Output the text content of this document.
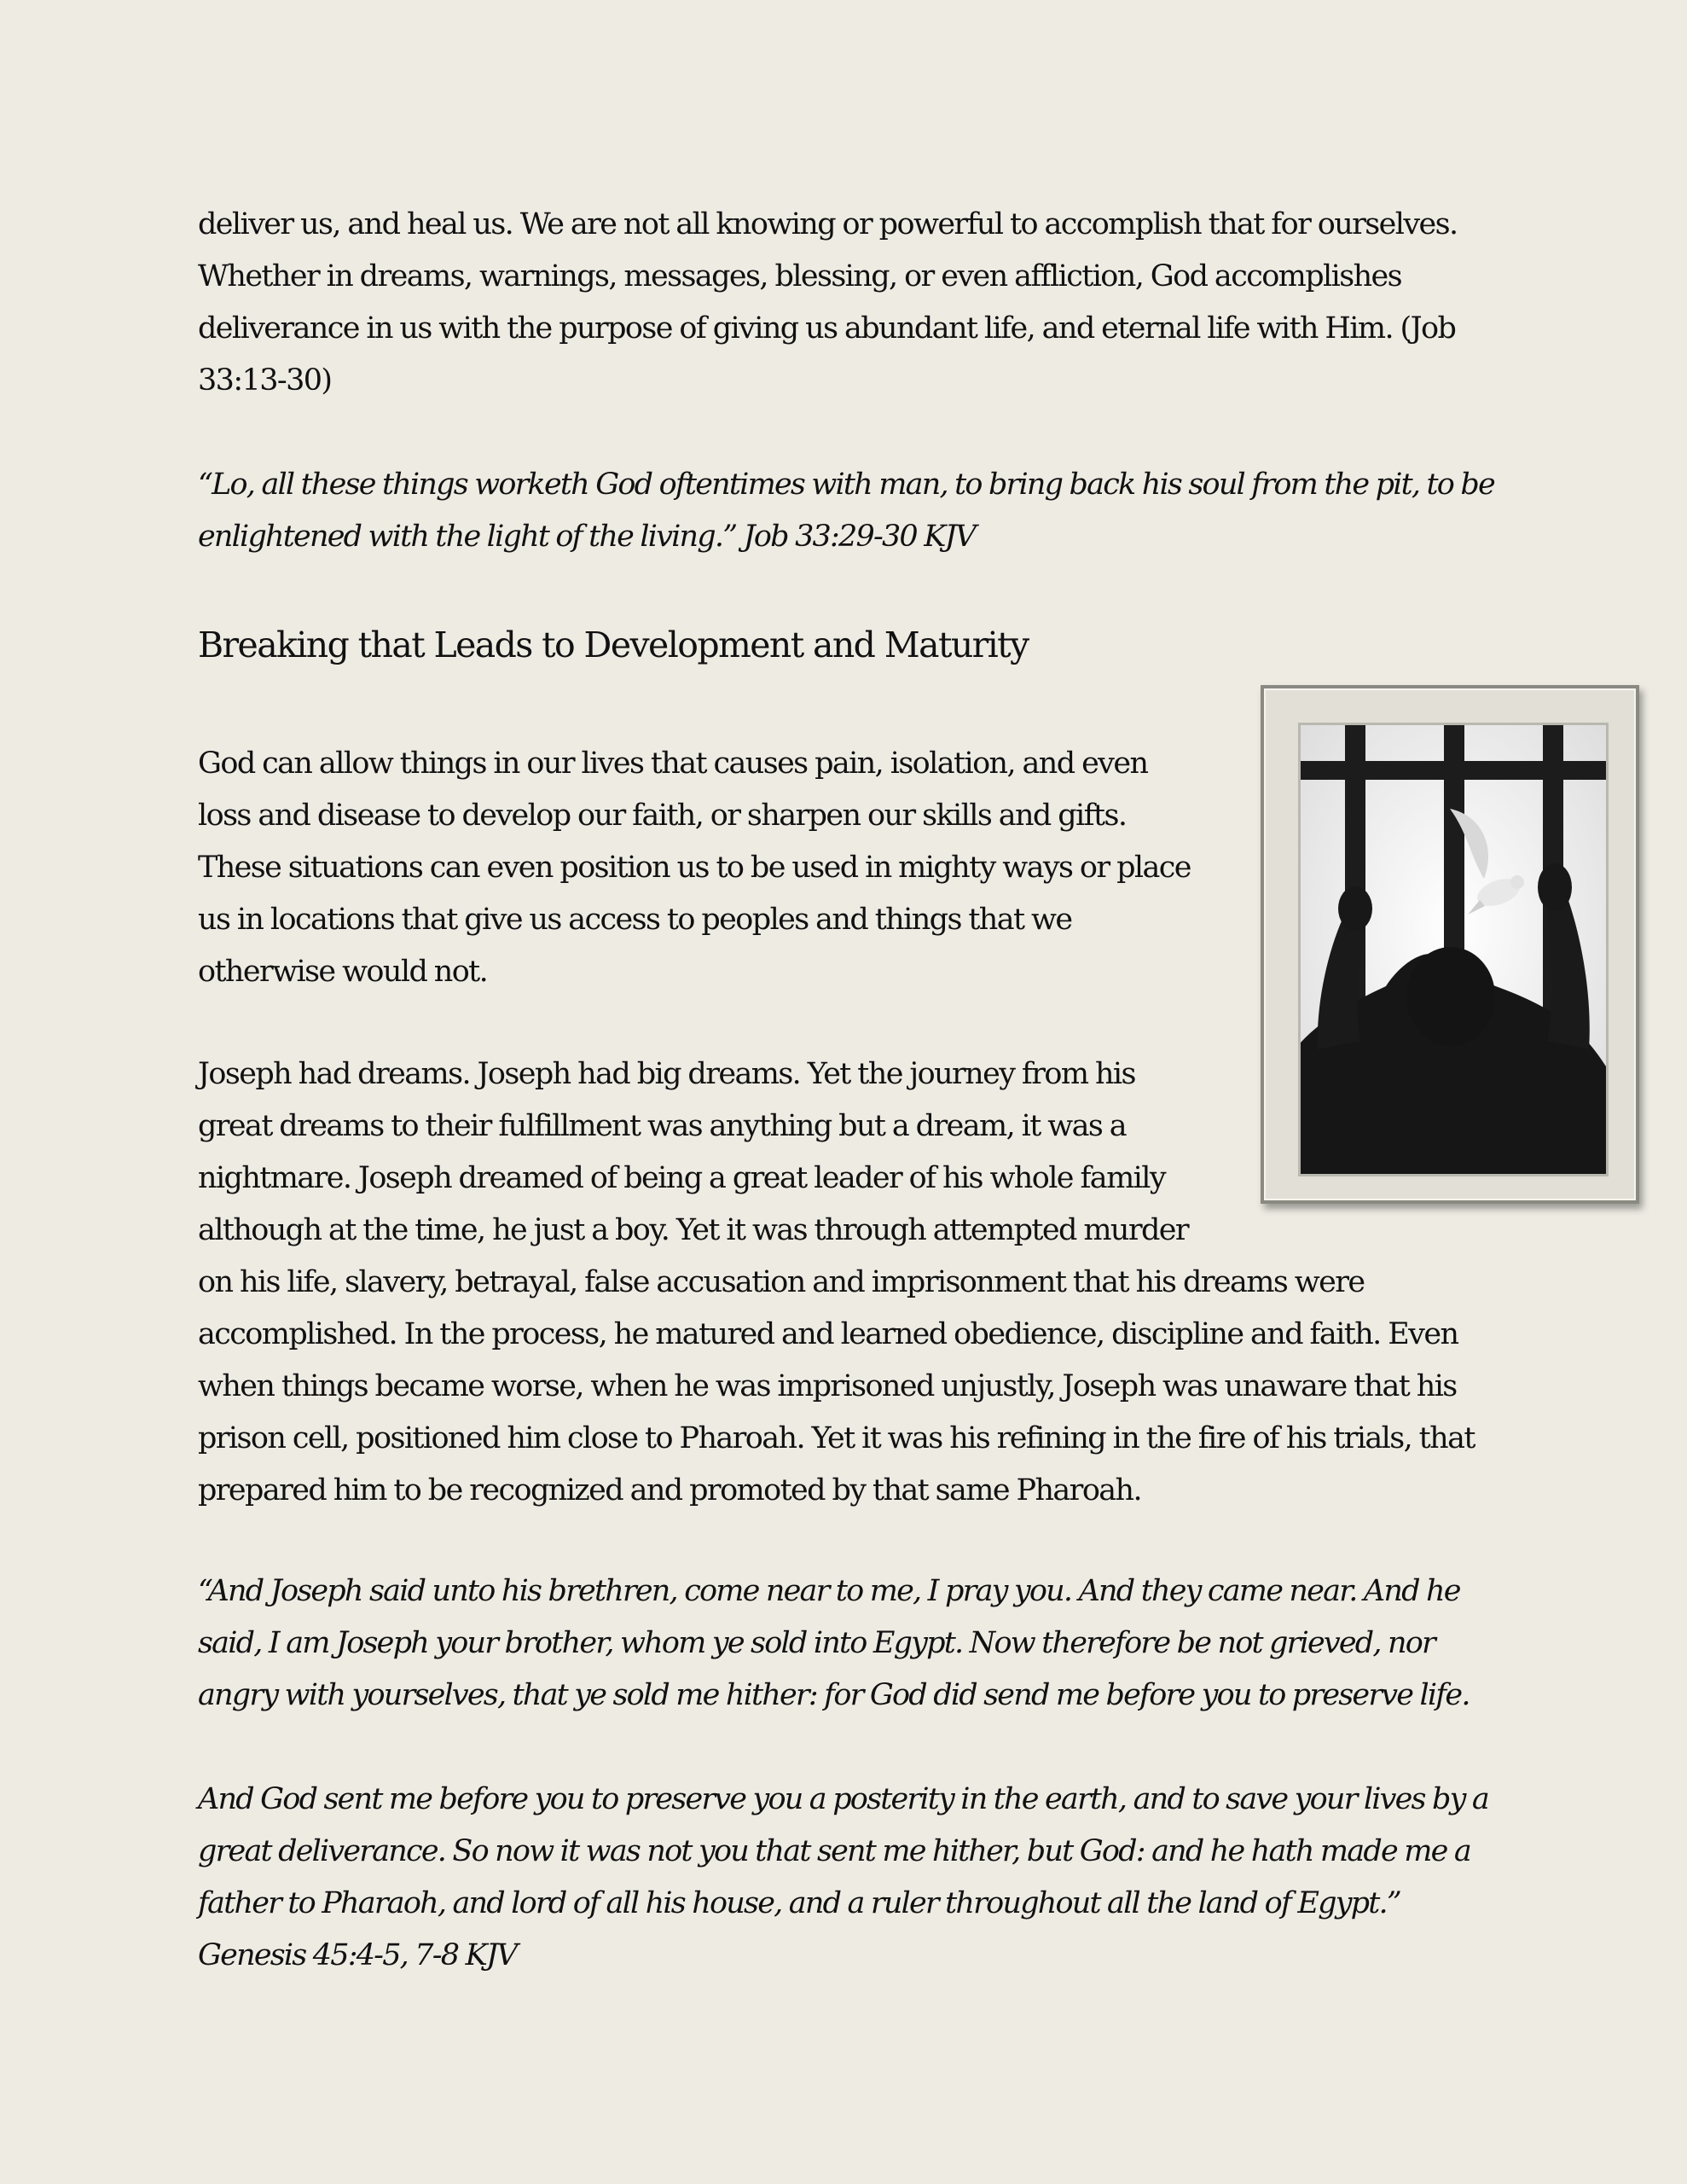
deliver us, and heal us. We are not all knowing or powerful to accomplish that for ourselves. Whether in dreams, warnings, messages, blessing, or even affliction, God accomplishes deliverance in us with the purpose of giving us abundant life, and eternal life with Him. (Job 33:13-30)

“Lo, all these things worketh God oftentimes with man, to bring back his soul from the pit, to be enlightened with the light of the living.” Job 33:29-30 KJV

Breaking that Leads to Development and Maturity

God can allow things in our lives that causes pain, isolation, and even loss and disease to develop our faith, or sharpen our skills and gifts. These situations can even position us to be used in mighty ways or place us in locations that give us access to peoples and things that we otherwise would not.

Joseph had dreams. Joseph had big dreams. Yet the journey from his
great dreams to their fulfillment was anything but a dream, it was a
nightmare. Joseph dreamed of being a great leader of his whole family
although at the time, he just a boy. Yet it was through attempted murder
on his life, slavery, betrayal, false accusation and imprisonment that his dreams were
accomplished. In the process, he matured and learned obedience, discipline and faith. Even
when things became worse, when he was imprisoned unjustly, Joseph was unaware that his
prison cell, positioned him close to Pharoah. Yet it was his refining in the fire of his trials, that
prepared him to be recognized and promoted by that same Pharoah.

“And Joseph said unto his brethren, come near to me, I pray you. And they came near. And he said, I am Joseph your brother, whom ye sold into Egypt. Now therefore be not grieved, nor angry with yourselves, that ye sold me hither: for God did send me before you to preserve life.

And God sent me before you to preserve you a posterity in the earth, and to save your lives by a great deliverance. So now it was not you that sent me hither, but God: and he hath made me a father to Pharaoh, and lord of all his house, and a ruler throughout all the land of Egypt.” Genesis 45:4-5, 7-8 KJV
